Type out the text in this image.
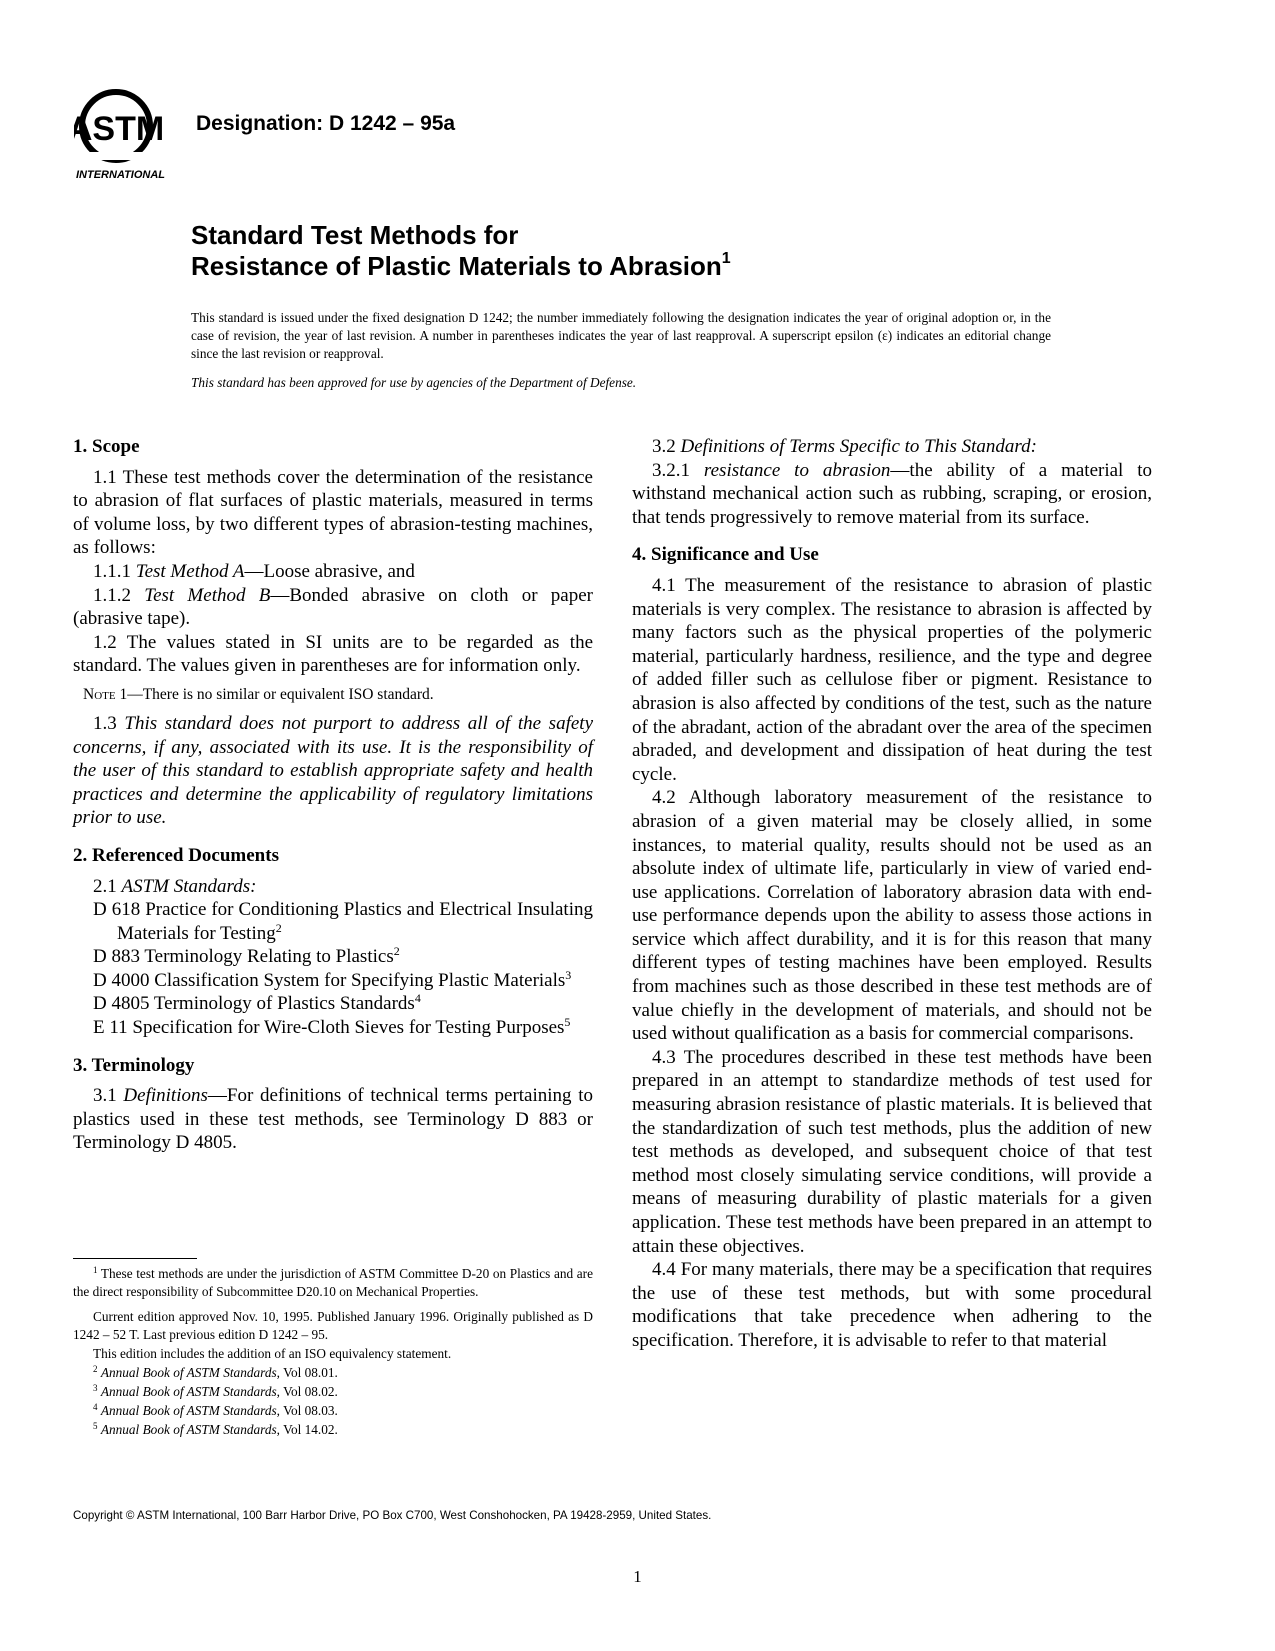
ASTM
INTERNATIONAL
Designation: D 1242 – 95a
Standard Test Methods for
Resistance of Plastic Materials to Abrasion$^1$

This standard is issued under the fixed designation D 1242; the number immediately following the designation indicates the year of original adoption or, in the case of revision, the year of last revision. A number in parentheses indicates the year of last reapproval. A superscript epsilon (ε) indicates an editorial change since the last revision or reapproval.

This standard has been approved for use by agencies of the Department of Defense.

1. Scope

1.1 These test methods cover the determination of the resistance to abrasion of flat surfaces of plastic materials, measured in terms of volume loss, by two different types of abrasion-testing machines, as follows:

1.1.1 Test Method A—Loose abrasive, and

1.1.2 Test Method B—Bonded abrasive on cloth or paper (abrasive tape).

1.2 The values stated in SI units are to be regarded as the standard. The values given in parentheses are for information only.

Note 1—There is no similar or equivalent ISO standard.

1.3 This standard does not purport to address all of the safety concerns, if any, associated with its use. It is the responsibility of the user of this standard to establish appropriate safety and health practices and determine the applicability of regulatory limitations prior to use.

2. Referenced Documents

2.1 ASTM Standards:

D 618 Practice for Conditioning Plastics and Electrical Insulating Materials for Testing$^2$

D 883 Terminology Relating to Plastics$^2$

D 4000 Classification System for Specifying Plastic Materials$^3$

D 4805 Terminology of Plastics Standards$^4$

E 11 Specification for Wire-Cloth Sieves for Testing Purposes$^5$

3. Terminology

3.1 Definitions—For definitions of technical terms pertaining to plastics used in these test methods, see Terminology D 883 or Terminology D 4805.

3.2 Definitions of Terms Specific to This Standard:

3.2.1 resistance to abrasion—the ability of a material to withstand mechanical action such as rubbing, scraping, or erosion, that tends progressively to remove material from its surface.

4. Significance and Use

4.1 The measurement of the resistance to abrasion of plastic materials is very complex. The resistance to abrasion is affected by many factors such as the physical properties of the polymeric material, particularly hardness, resilience, and the type and degree of added filler such as cellulose fiber or pigment. Resistance to abrasion is also affected by conditions of the test, such as the nature of the abradant, action of the abradant over the area of the specimen abraded, and development and dissipation of heat during the test cycle.

4.2 Although laboratory measurement of the resistance to abrasion of a given material may be closely allied, in some instances, to material quality, results should not be used as an absolute index of ultimate life, particularly in view of varied end-use applications. Correlation of laboratory abrasion data with end-use performance depends upon the ability to assess those actions in service which affect durability, and it is for this reason that many different types of testing machines have been employed. Results from machines such as those described in these test methods are of value chiefly in the development of materials, and should not be used without qualification as a basis for commercial comparisons.

4.3 The procedures described in these test methods have been prepared in an attempt to standardize methods of test used for measuring abrasion resistance of plastic materials. It is believed that the standardization of such test methods, plus the addition of new test methods as developed, and subsequent choice of that test method most closely simulating service conditions, will provide a means of measuring durability of plastic materials for a given application. These test methods have been prepared in an attempt to attain these objectives.

4.4 For many materials, there may be a specification that requires the use of these test methods, but with some procedural modifications that take precedence when adhering to the specification. Therefore, it is advisable to refer to that material

$^1$ These test methods are under the jurisdiction of ASTM Committee D-20 on Plastics and are the direct responsibility of Subcommittee D20.10 on Mechanical Properties.

Current edition approved Nov. 10, 1995. Published January 1996. Originally published as D 1242 – 52 T. Last previous edition D 1242 – 95.

This edition includes the addition of an ISO equivalency statement.

$^2$ Annual Book of ASTM Standards, Vol 08.01.

$^3$ Annual Book of ASTM Standards, Vol 08.02.

$^4$ Annual Book of ASTM Standards, Vol 08.03.

$^5$ Annual Book of ASTM Standards, Vol 14.02.

Copyright © ASTM International, 100 Barr Harbor Drive, PO Box C700, West Conshohocken, PA 19428-2959, United States.
1
